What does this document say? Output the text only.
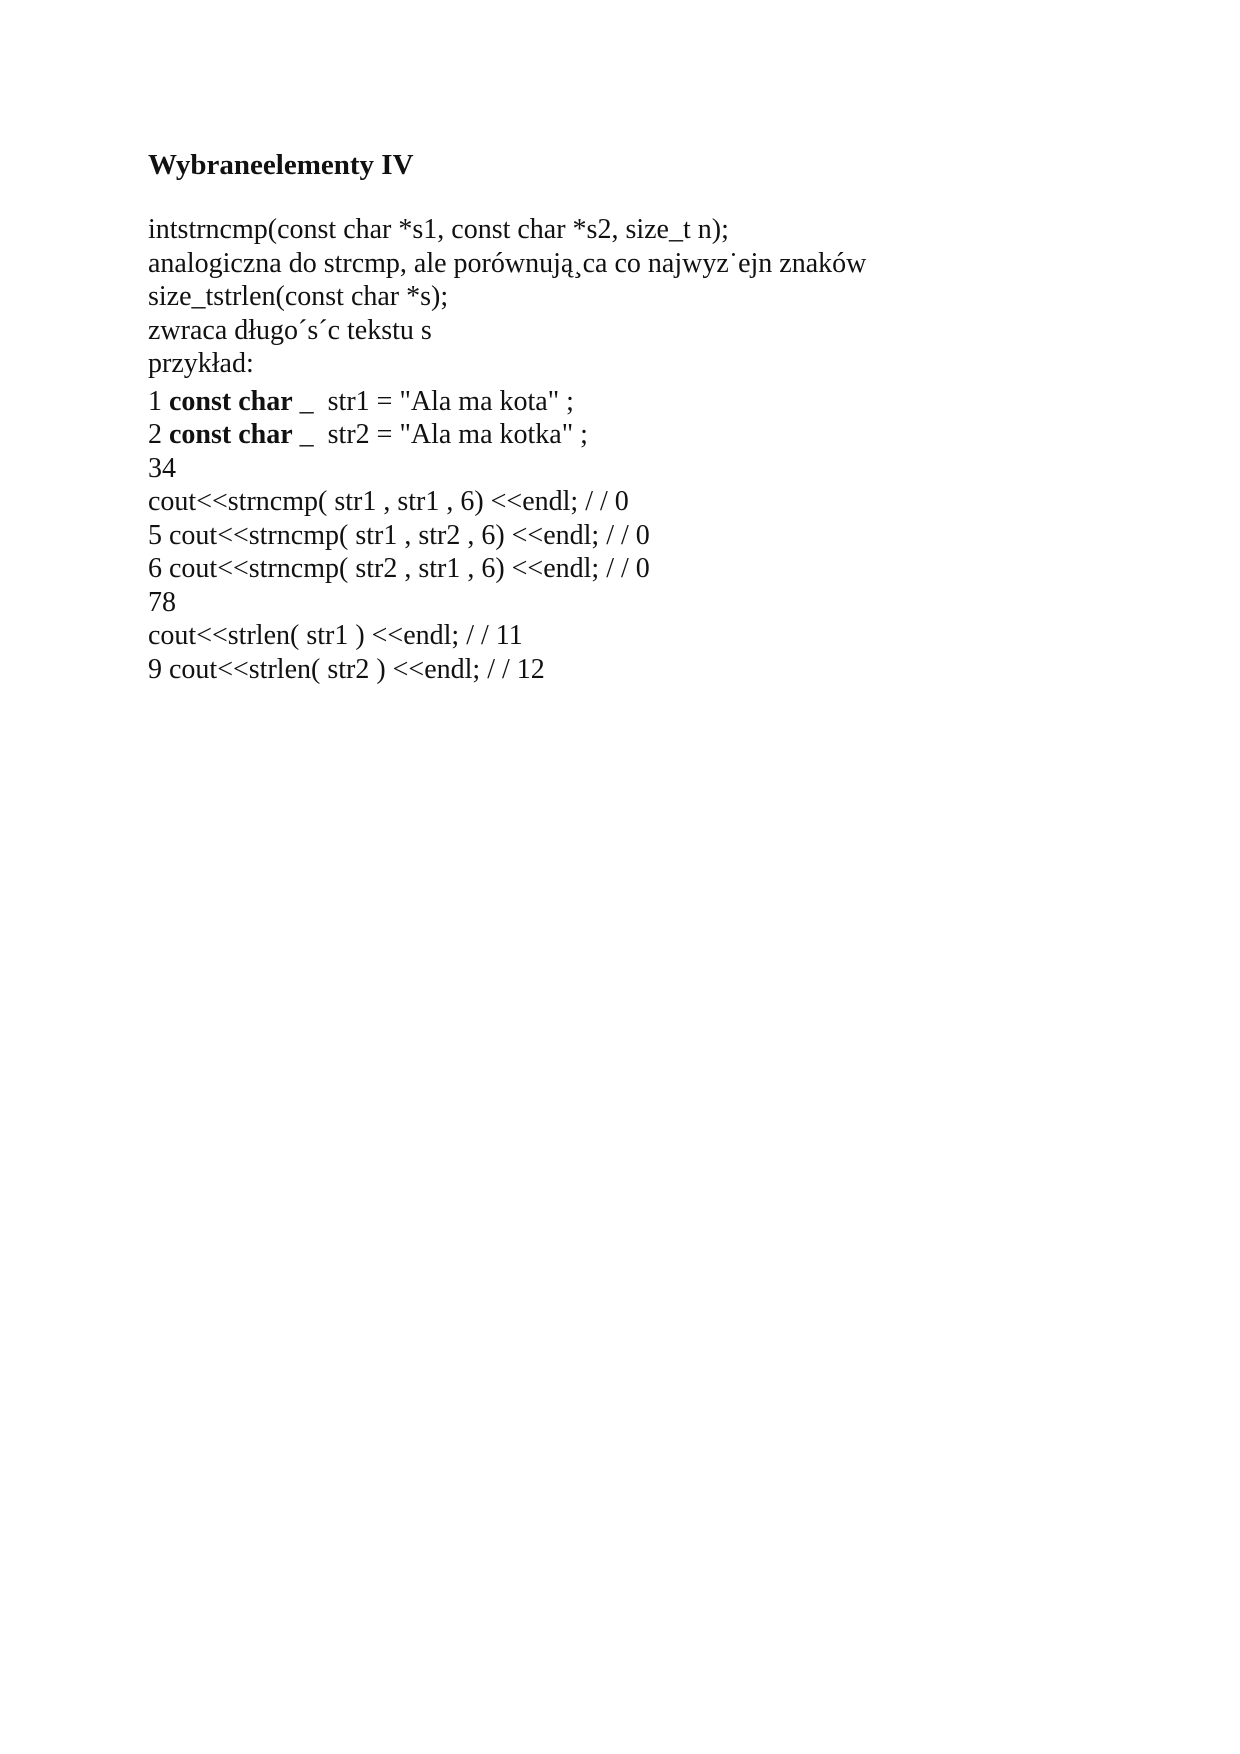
Wybraneelementy IV
intstrncmp(const char *s1, const char *s2, size_t n);
analogiczna do strcmp, ale porównują¸ca co najwyz˙ejn znaków
size_tstrlen(const char *s);
zwraca długo´s´c tekstu s
przykład:
1 const char _  str1 = "Ala ma kota" ;
2 const char _  str2 = "Ala ma kotka" ;
34
cout<<strncmp( str1 , str1 , 6) <<endl; / / 0
5 cout<<strncmp( str1 , str2 , 6) <<endl; / / 0
6 cout<<strncmp( str2 , str1 , 6) <<endl; / / 0
78
cout<<strlen( str1 ) <<endl; / / 11
9 cout<<strlen( str2 ) <<endl; / / 12
